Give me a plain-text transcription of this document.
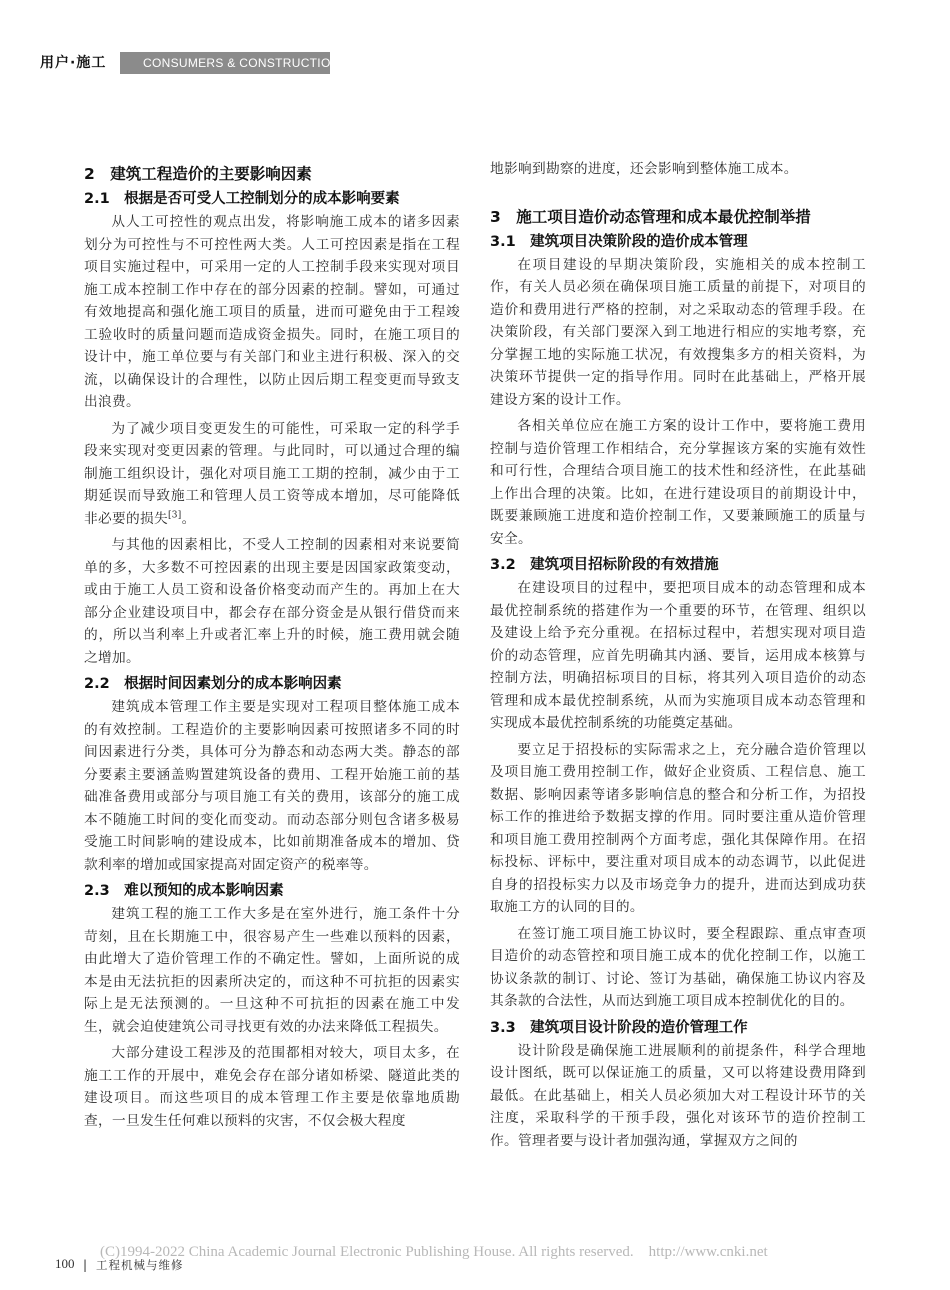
用户·施工	CONSUMERS & CONSTRUCTION
2　建筑工程造价的主要影响因素
2.1　根据是否可受人工控制划分的成本影响要素

从人工可控性的观点出发，将影响施工成本的诸多因素划分为可控性与不可控性两大类。人工可控因素是指在工程项目实施过程中，可采用一定的人工控制手段来实现对项目施工成本控制工作中存在的部分因素的控制。譬如，可通过有效地提高和强化施工项目的质量，进而可避免由于工程竣工验收时的质量问题而造成资金损失。同时，在施工项目的设计中，施工单位要与有关部门和业主进行积极、深入的交流，以确保设计的合理性，以防止因后期工程变更而导致支出浪费。

为了减少项目变更发生的可能性，可采取一定的科学手段来实现对变更因素的管理。与此同时，可以通过合理的编制施工组织设计，强化对项目施工工期的控制，减少由于工期延误而导致施工和管理人员工资等成本增加，尽可能降低非必要的损失[3]。

与其他的因素相比，不受人工控制的因素相对来说要简单的多，大多数不可控因素的出现主要是因国家政策变动，或由于施工人员工资和设备价格变动而产生的。再加上在大部分企业建设项目中，都会存在部分资金是从银行借贷而来的，所以当利率上升或者汇率上升的时候，施工费用就会随之增加。

2.2　根据时间因素划分的成本影响因素

建筑成本管理工作主要是实现对工程项目整体施工成本的有效控制。工程造价的主要影响因素可按照诸多不同的时间因素进行分类，具体可分为静态和动态两大类。静态的部分要素主要涵盖购置建筑设备的费用、工程开始施工前的基础准备费用或部分与项目施工有关的费用，该部分的施工成本不随施工时间的变化而变动。而动态部分则包含诸多极易受施工时间影响的建设成本，比如前期准备成本的增加、贷款利率的增加或国家提高对固定资产的税率等。

2.3　难以预知的成本影响因素

建筑工程的施工工作大多是在室外进行，施工条件十分苛刻，且在长期施工中，很容易产生一些难以预料的因素，由此增大了造价管理工作的不确定性。譬如，上面所说的成本是由无法抗拒的因素所决定的，而这种不可抗拒的因素实际上是无法预测的。一旦这种不可抗拒的因素在施工中发生，就会迫使建筑公司寻找更有效的办法来降低工程损失。

大部分建设工程涉及的范围都相对较大，项目太多，在施工工作的开展中，难免会存在部分诸如桥梁、隧道此类的建设项目。而这些项目的成本管理工作主要是依靠地质勘查，一旦发生任何难以预料的灾害，不仅会极大程度

地影响到勘察的进度，还会影响到整体施工成本。

3　施工项目造价动态管理和成本最优控制举措
3.1　建筑项目决策阶段的造价成本管理

在项目建设的早期决策阶段，实施相关的成本控制工作，有关人员必须在确保项目施工质量的前提下，对项目的造价和费用进行严格的控制，对之采取动态的管理手段。在决策阶段，有关部门要深入到工地进行相应的实地考察，充分掌握工地的实际施工状况，有效搜集多方的相关资料，为决策环节提供一定的指导作用。同时在此基础上，严格开展建设方案的设计工作。

各相关单位应在施工方案的设计工作中，要将施工费用控制与造价管理工作相结合，充分掌握该方案的实施有效性和可行性，合理结合项目施工的技术性和经济性，在此基础上作出合理的决策。比如，在进行建设项目的前期设计中，既要兼顾施工进度和造价控制工作，又要兼顾施工的质量与安全。

3.2　建筑项目招标阶段的有效措施

在建设项目的过程中，要把项目成本的动态管理和成本最优控制系统的搭建作为一个重要的环节，在管理、组织以及建设上给予充分重视。在招标过程中，若想实现对项目造价的动态管理，应首先明确其内涵、要旨，运用成本核算与控制方法，明确招标项目的目标，将其列入项目造价的动态管理和成本最优控制系统，从而为实施项目成本动态管理和实现成本最优控制系统的功能奠定基础。

要立足于招投标的实际需求之上，充分融合造价管理以及项目施工费用控制工作，做好企业资质、工程信息、施工数据、影响因素等诸多影响信息的整合和分析工作，为招投标工作的推进给予数据支撑的作用。同时要注重从造价管理和项目施工费用控制两个方面考虑，强化其保障作用。在招标投标、评标中，要注重对项目成本的动态调节，以此促进自身的招投标实力以及市场竞争力的提升，进而达到成功获取施工方的认同的目的。

在签订施工项目施工协议时，要全程跟踪、重点审查项目造价的动态管控和项目施工成本的优化控制工作，以施工协议条款的制订、讨论、签订为基础，确保施工协议内容及其条款的合法性，从而达到施工项目成本控制优化的目的。

3.3　建筑项目设计阶段的造价管理工作

设计阶段是确保施工进展顺利的前提条件，科学合理地设计图纸，既可以保证施工的质量，又可以将建设费用降到最低。在此基础上，相关人员必须加大对工程设计环节的关注度，采取科学的干预手段，强化对该环节的造价控制工作。管理者要与设计者加强沟通，掌握双方之间的

(C)1994-2022 China Academic Journal Electronic Publishing House. All rights reserved.　http://www.cnki.net
100 | 工程机械与维修
